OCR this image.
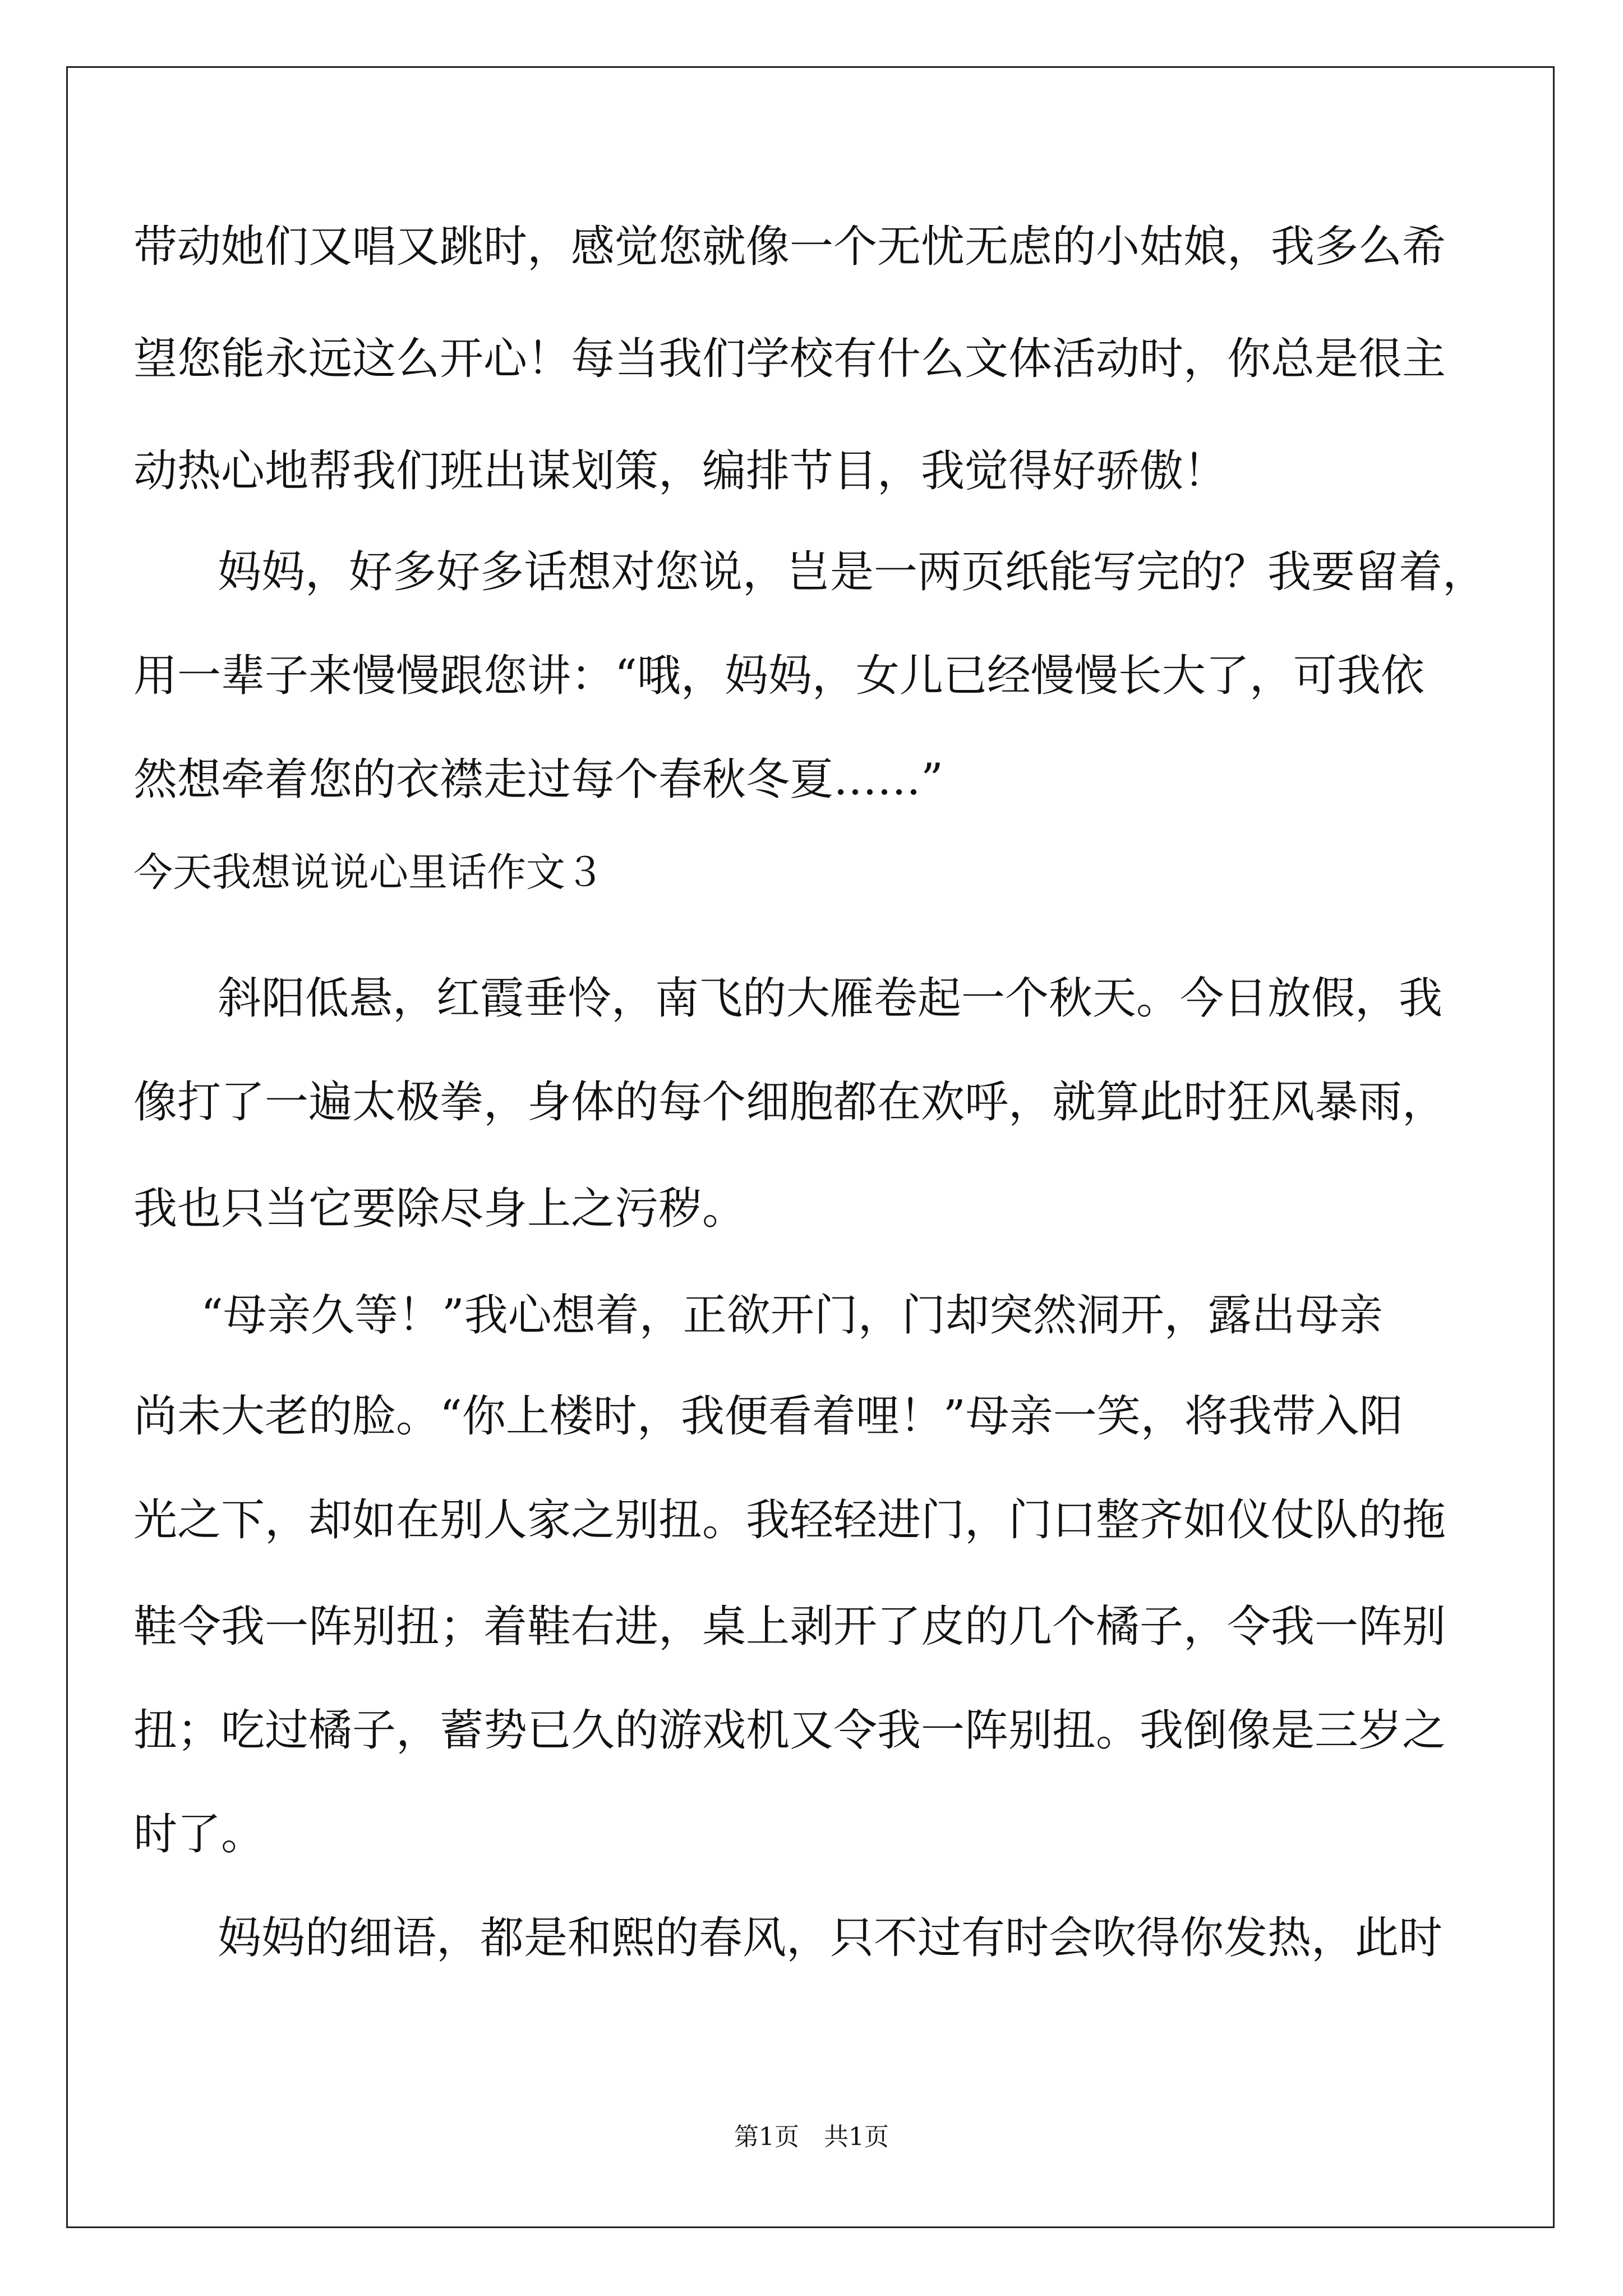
带动她们又唱又跳时，感觉您就像一个无忧无虑的小姑娘，我多么希
望您能永远这么开心！每当我们学校有什么文体活动时，你总是很主
动热心地帮我们班出谋划策，编排节目，我觉得好骄傲！
妈妈，好多好多话想对您说，岂是一两页纸能写完的？我要留着，
用一辈子来慢慢跟您讲：“哦，妈妈，女儿已经慢慢长大了，可我依
然想牵着您的衣襟走过每个春秋冬夏……”
今天我想说说心里话作文３
斜阳低悬，红霞垂怜，南飞的大雁卷起一个秋天。今日放假，我
像打了一遍太极拳，身体的每个细胞都在欢呼，就算此时狂风暴雨，
我也只当它要除尽身上之污秽。
“母亲久等！”我心想着，正欲开门，门却突然洞开，露出母亲
尚未大老的脸。“你上楼时，我便看着哩！”母亲一笑，将我带入阳
光之下，却如在别人家之别扭。我轻轻进门，门口整齐如仪仗队的拖
鞋令我一阵别扭；着鞋右进，桌上剥开了皮的几个橘子，令我一阵别
扭；吃过橘子，蓄势已久的游戏机又令我一阵别扭。我倒像是三岁之
时了。
妈妈的细语，都是和熙的春风，只不过有时会吹得你发热，此时
第1页　共1页
